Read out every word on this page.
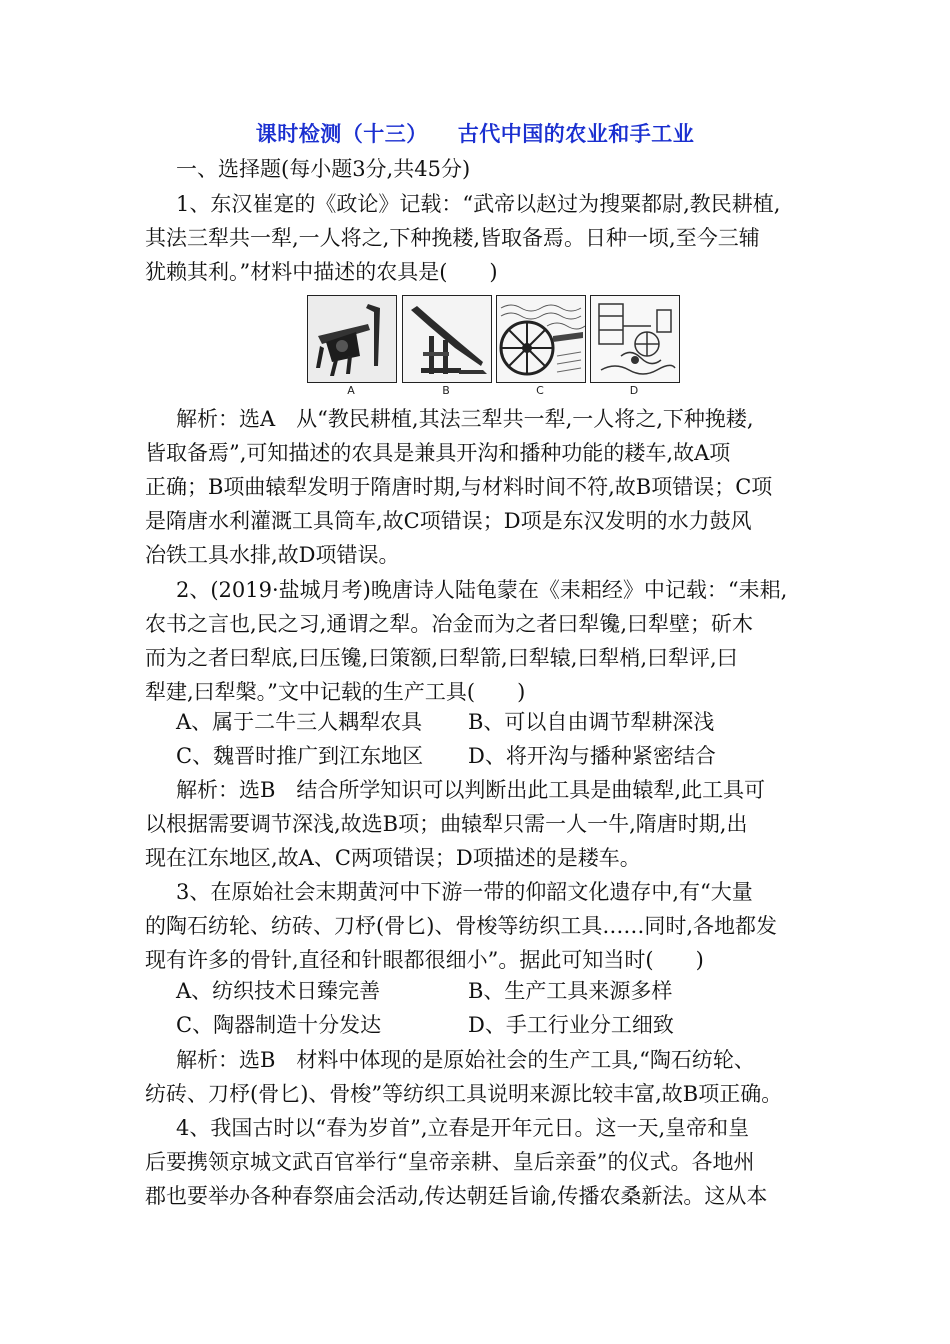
课时检测（十三） 古代中国的农业和手工业
一、选择题(每小题3分,共45分)
1、东汉崔寔的《政论》记载：“武帝以赵过为搜粟都尉,教民耕植,
其法三犁共一犁,一人将之,下种挽耧,皆取备焉。日种一顷,至今三辅
犹赖其利。”材料中描述的农具是(　　)
A	B	C	D
解析：选A　从“教民耕植,其法三犁共一犁,一人将之,下种挽耧,
皆取备焉”,可知描述的农具是兼具开沟和播种功能的耧车,故A项
正确；B项曲辕犁发明于隋唐时期,与材料时间不符,故B项错误；C项
是隋唐水利灌溉工具筒车,故C项错误；D项是东汉发明的水力鼓风
冶铁工具水排,故D项错误。
2、(2019·盐城月考)晚唐诗人陆龟蒙在《耒耜经》中记载：“耒耜,
农书之言也,民之习,通谓之犁。冶金而为之者曰犁镵,曰犁壁；斫木
而为之者曰犁底,曰压镵,曰策额,曰犁箭,曰犁辕,曰犁梢,曰犁评,曰
犁建,曰犁槃。”文中记载的生产工具(　　)
A、属于二牛三人耦犁农具 B、可以自由调节犁耕深浅
C、魏晋时推广到江东地区 D、将开沟与播种紧密结合
解析：选B　结合所学知识可以判断出此工具是曲辕犁,此工具可
以根据需要调节深浅,故选B项；曲辕犁只需一人一牛,隋唐时期,出
现在江东地区,故A、C两项错误；D项描述的是耧车。
3、在原始社会末期黄河中下游一带的仰韶文化遗存中,有“大量
的陶石纺轮、纺砖、刀杼(骨匕)、骨梭等纺织工具……同时,各地都发
现有许多的骨针,直径和针眼都很细小”。据此可知当时(　　)
A、纺织技术日臻完善	B、生产工具来源多样
C、陶器制造十分发达	D、手工行业分工细致
解析：选B　材料中体现的是原始社会的生产工具,“陶石纺轮、
纺砖、刀杼(骨匕)、骨梭”等纺织工具说明来源比较丰富,故B项正确。
4、我国古时以“春为岁首”,立春是开年元日。这一天,皇帝和皇
后要携领京城文武百官举行“皇帝亲耕、皇后亲蚕”的仪式。各地州
郡也要举办各种春祭庙会活动,传达朝廷旨谕,传播农桑新法。这从本
